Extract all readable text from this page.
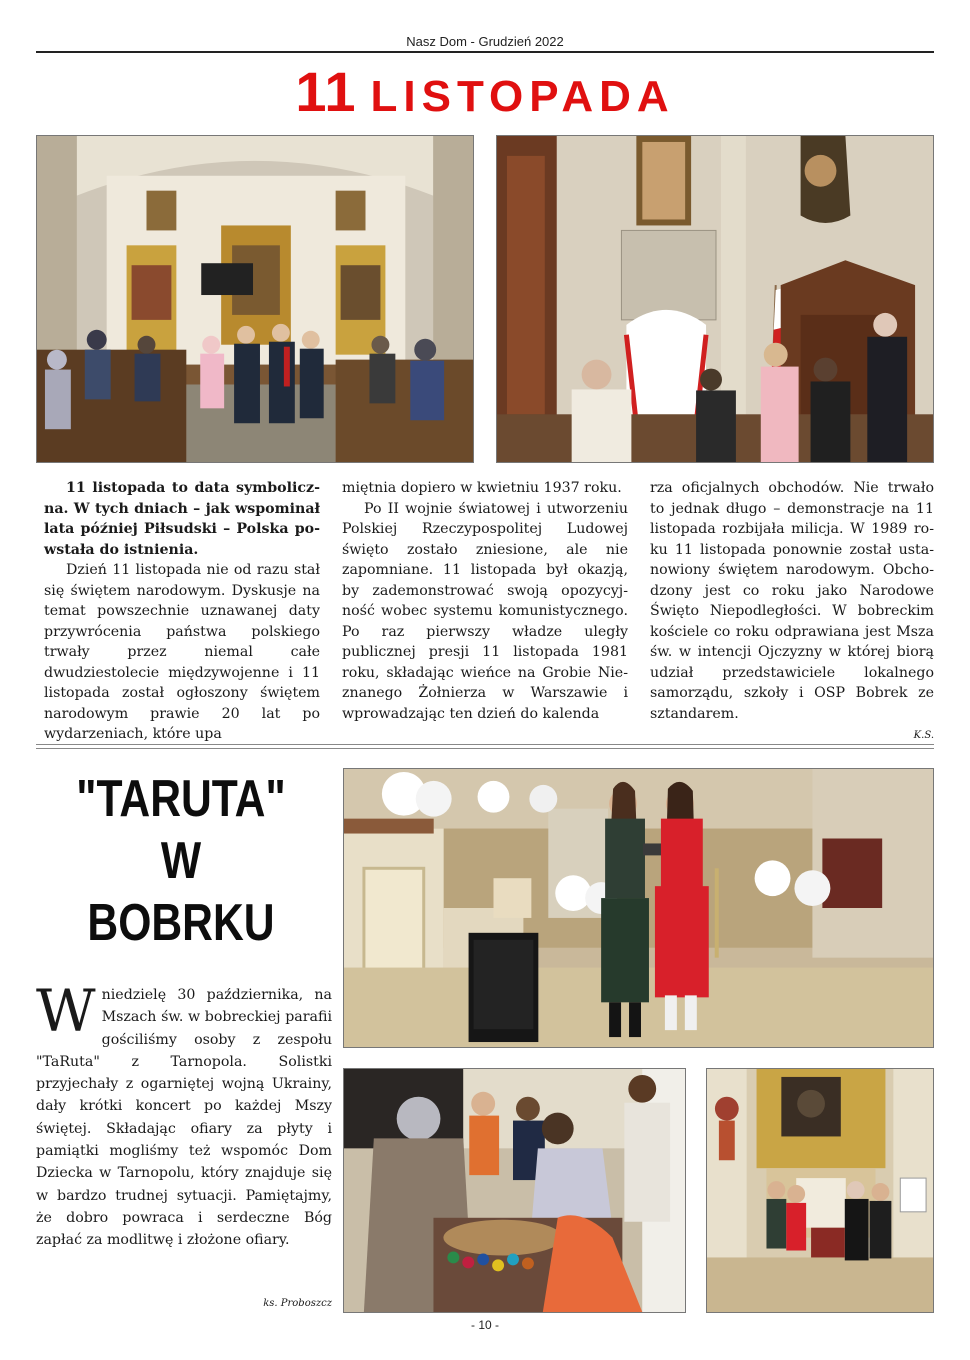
Nasz Dom - Grudzień 2022
11 LISTOPADA

11 listopada to data symboliczna. W tych dniach – jak wspominał lata później Piłsudski – Polska powstała do istnienia.

Dzień 11 listopada nie od razu stał się świętem narodowym. Dyskusje na temat powszechnie uznawanej daty przywrócenia państwa polskiego trwały przez niemal całe dwudziestolecie międzywojenne i 11 listopada został ogłoszony świętem narodowym prawie 20 lat po wydarzeniach, które upa

miętnia dopiero w kwietniu 1937 roku.

Po II wojnie światowej i utworzeniu Polskiej Rzeczypospolitej Ludowej święto zostało zniesione, ale nie zapomniane. 11 listopada był okazją, by zademonstrować swoją opozycyjność wobec systemu komunistycznego. Po raz pierwszy władze uległy publicznej presji 11 listopada 1981 roku, składając wieńce na Grobie Nieznanego Żołnierza w Warszawie i wprowadzając ten dzień do kalenda

rza oficjalnych obchodów. Nie trwało to jednak długo – demonstracje na 11 listopada rozbijała milicja. W 1989 roku 11 listopada ponownie został ustanowiony świętem narodowym. Obchodzony jest co roku jako Narodowe Święto Niepodległości. W bobreckim kościele co roku odprawiana jest Msza św. w intencji Ojczyzny w której biorą udział przedstawiciele lokalnego samorządu, szkoły i OSP Bobrek ze sztandarem.

K.S.
"TARUTA"
W
BOBRKU
W niedzielę 30 października, na Mszach św. w bobreckiej parafii gościliśmy osoby z zespołu "TaRuta" z Tarnopola. Solistki przyjechały z ogarniętej wojną Ukrainy, dały krótki koncert po każdej Mszy świętej. Składając ofiary za płyty i pamiątki mogliśmy też wspomóc Dom Dziecka w Tarnopolu, który znajduje się w bardzo trudnej sytuacji. Pamiętajmy, że dobro powraca i serdeczne Bóg zapłać za modlitwę i złożone ofiary.
ks. Proboszcz
- 10 -
